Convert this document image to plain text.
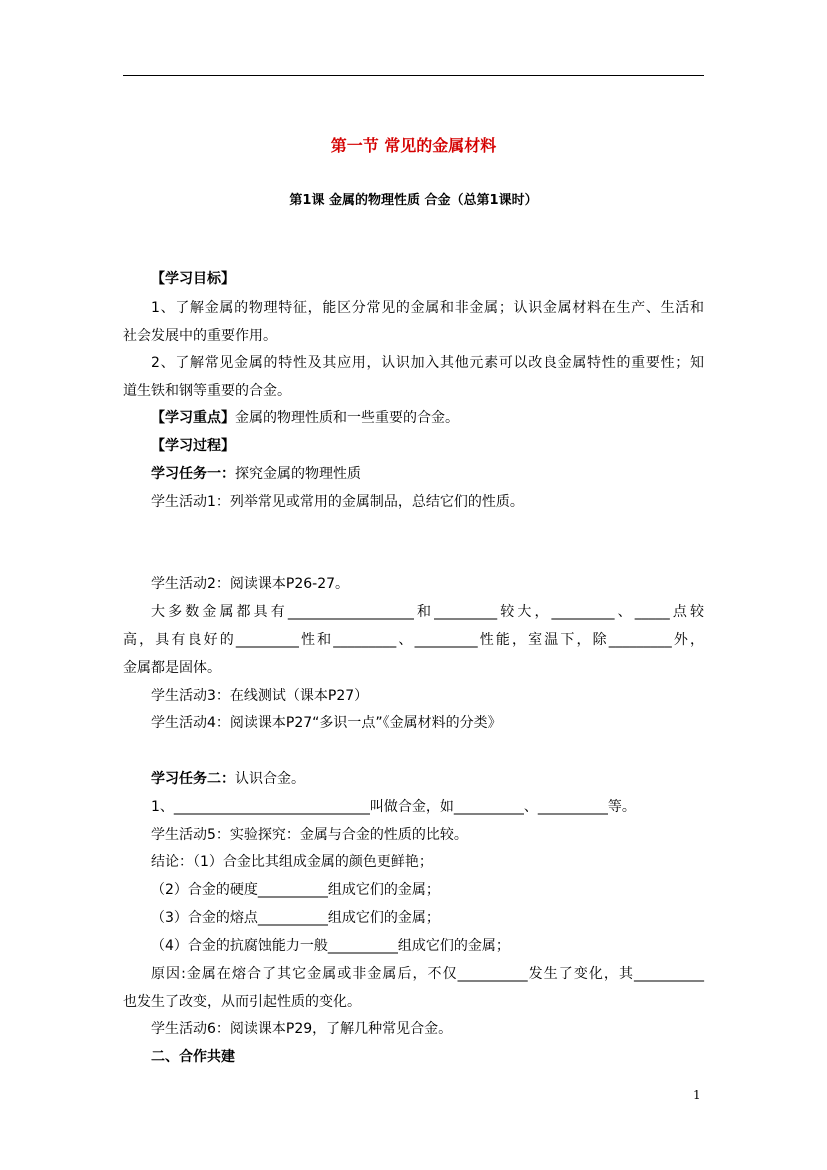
第一节 常见的金属材料
第1课 金属的物理性质 合金（总第1课时）
【学习目标】
1、了解金属的物理特征，能区分常见的金属和非金属；认识金属材料在生产、生活和
社会发展中的重要作用。
2、了解常见金属的特性及其应用，认识加入其他元素可以改良金属特性的重要性；知
道生铁和钢等重要的合金。
【学习重点】金属的物理性质和一些重要的合金。
【学习过程】
学习任务一：探究金属的物理性质
学生活动1：列举常见或常用的金属制品，总结它们的性质。
学生活动2：阅读课本P26-27。
大多数金属都具有__________________和_________较大，_________、_____点较
高，具有良好的_________性和_________、_________性能，室温下，除_________外，
金属都是固体。
学生活动3：在线测试（课本P27）
学生活动4：阅读课本P27“多识一点”《金属材料的分类》
学习任务二：认识合金。
1、____________________________叫做合金，如__________、__________等。
学生活动5：实验探究：金属与合金的性质的比较。
结论：（1）合金比其组成金属的颜色更鲜艳；
（2）合金的硬度__________组成它们的金属；
（3）合金的熔点__________组成它们的金属；
（4）合金的抗腐蚀能力一般__________组成它们的金属；
原因:金属在熔合了其它金属或非金属后，不仅__________发生了变化，其__________
也发生了改变，从而引起性质的变化。
学生活动6：阅读课本P29，了解几种常见合金。
二、合作共建
1
